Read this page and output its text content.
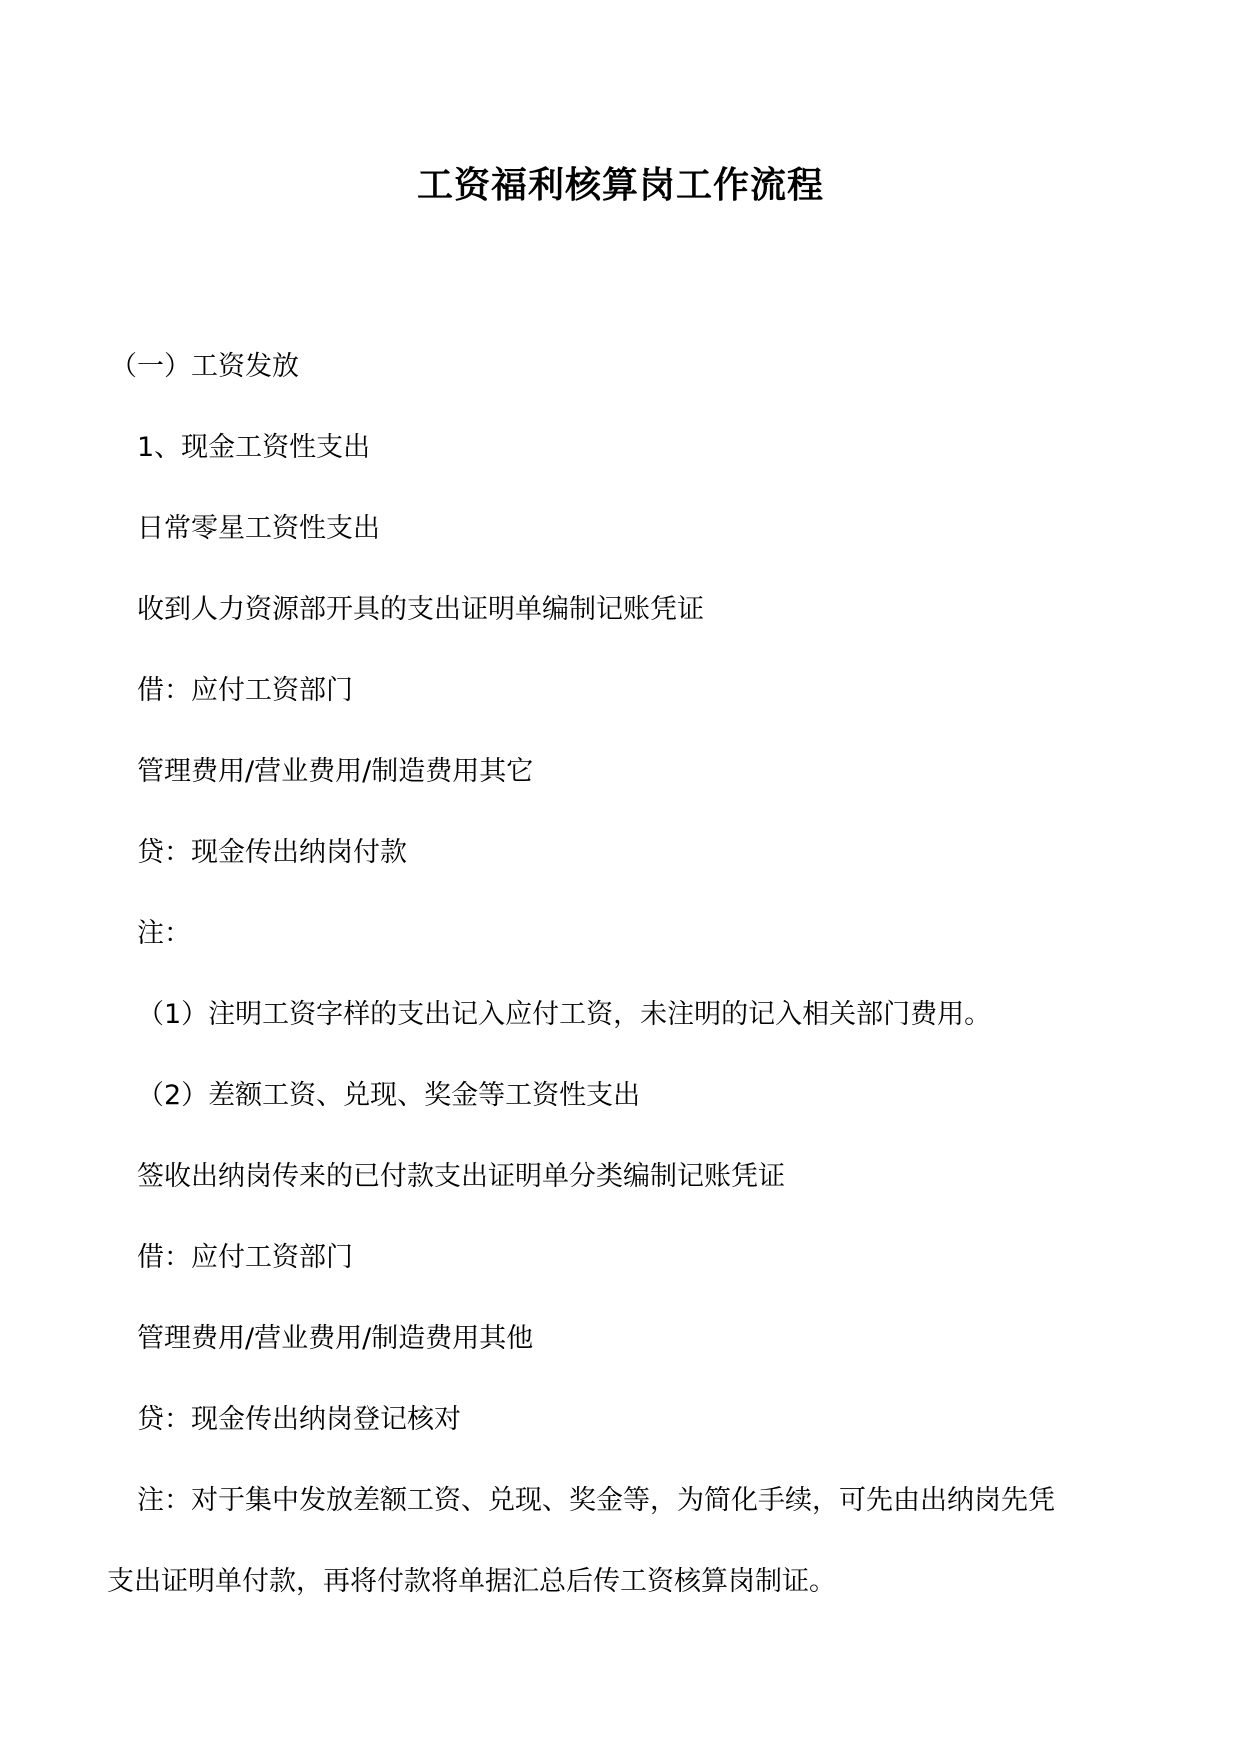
工资福利核算岗工作流程
（一）工资发放
1、现金工资性支出
日常零星工资性支出
收到人力资源部开具的支出证明单编制记账凭证
借：应付工资部门
管理费用/营业费用/制造费用其它
贷：现金传出纳岗付款
注：
（1）注明工资字样的支出记入应付工资，未注明的记入相关部门费用。
（2）差额工资、兑现、奖金等工资性支出
签收出纳岗传来的已付款支出证明单分类编制记账凭证
借：应付工资部门
管理费用/营业费用/制造费用其他
贷：现金传出纳岗登记核对
注：对于集中发放差额工资、兑现、奖金等，为简化手续，可先由出纳岗先凭
支出证明单付款，再将付款将单据汇总后传工资核算岗制证。
